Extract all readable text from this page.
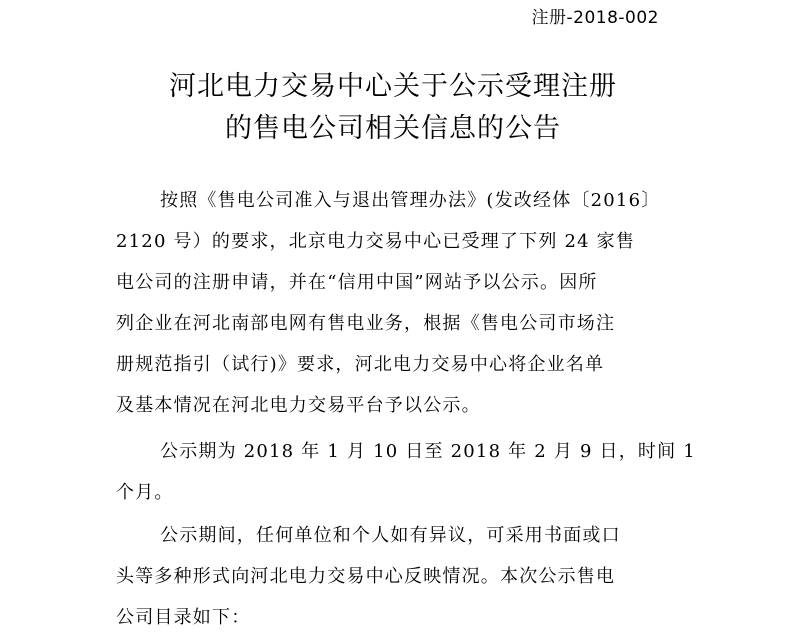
注册-2018-002
河北电力交易中心关于公示受理注册
的售电公司相关信息的公告
按照《售电公司准入与退出管理办法》(发改经体〔2016〕
2120 号）的要求，北京电力交易中心已受理了下列 24 家售
电公司的注册申请，并在“信用中国”网站予以公示。因所
列企业在河北南部电网有售电业务，根据《售电公司市场注
册规范指引（试行)》要求，河北电力交易中心将企业名单
及基本情况在河北电力交易平台予以公示。
公示期为 2018 年 1 月 10 日至 2018 年 2 月 9 日，时间 1
个月。
公示期间，任何单位和个人如有异议，可采用书面或口
头等多种形式向河北电力交易中心反映情况。本次公示售电
公司目录如下：
